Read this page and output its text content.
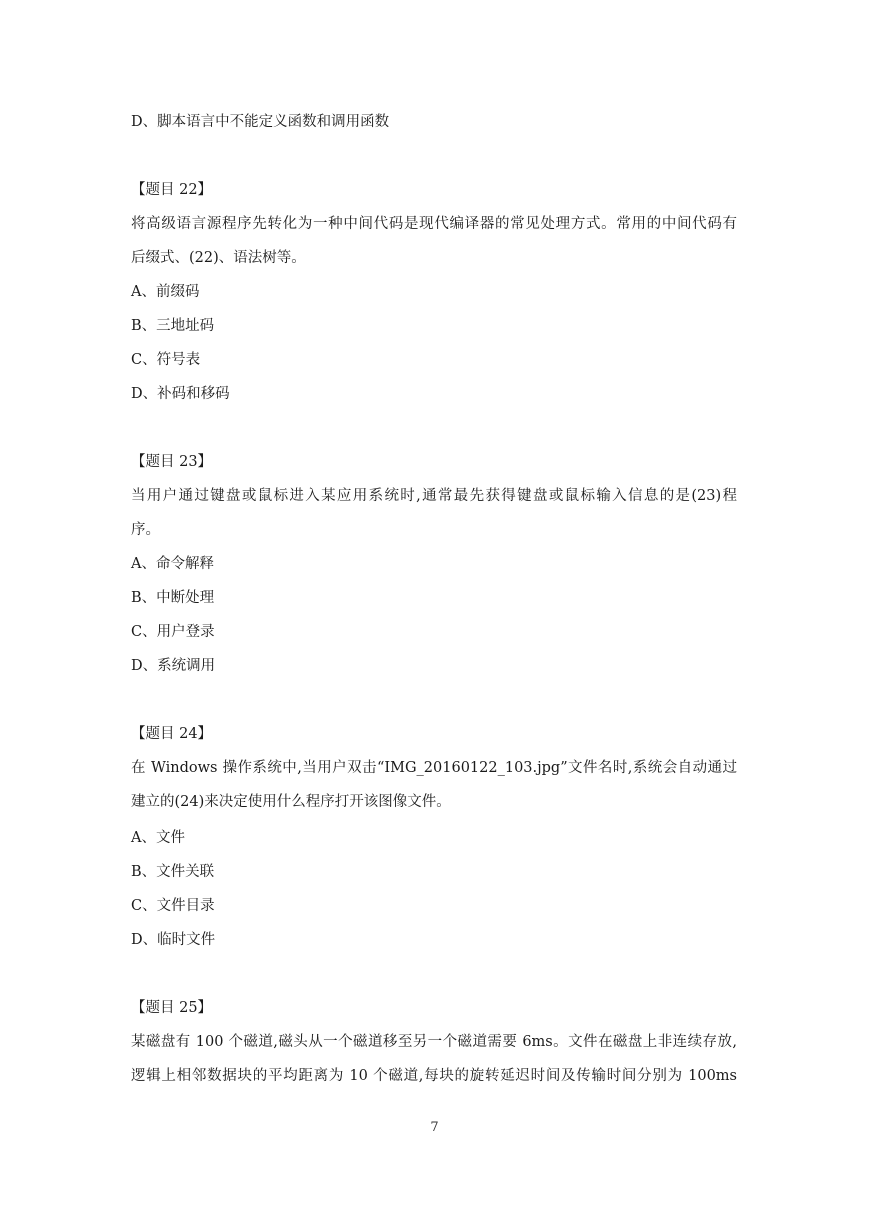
D、脚本语言中不能定义函数和调用函数
【题目 22】
将高级语言源程序先转化为一种中间代码是现代编译器的常见处理方式。常用的中间代码有
后缀式、(22)、语法树等。
A、前缀码
B、三地址码
C、符号表
D、补码和移码
【题目 23】
当用户通过键盘或鼠标进入某应用系统时,通常最先获得键盘或鼠标输入信息的是(23)程
序。
A、命令解释
B、中断处理
C、用户登录
D、系统调用
【题目 24】
在 Windows 操作系统中,当用户双击“IMG_20160122_103.jpg”文件名时,系统会自动通过
建立的(24)来决定使用什么程序打开该图像文件。
A、文件
B、文件关联
C、文件目录
D、临时文件
【题目 25】
某磁盘有 100 个磁道,磁头从一个磁道移至另一个磁道需要 6ms。文件在磁盘上非连续存放,
逻辑上相邻数据块的平均距离为 10 个磁道,每块的旋转延迟时间及传输时间分别为 100ms
7
